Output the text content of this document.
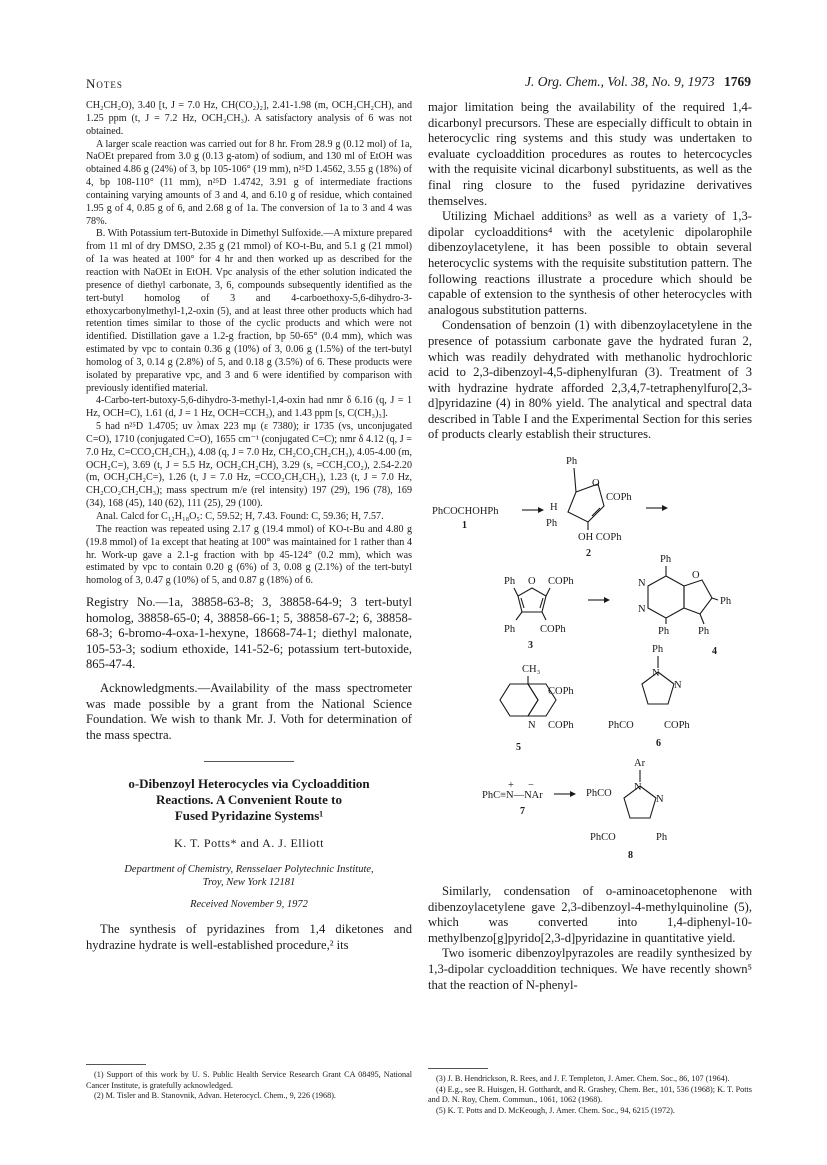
Notes	J. Org. Chem., Vol. 38, No. 9, 1973 1769

CH₂CH₂O), 3.40 [t, J = 7.0 Hz, CH(CO₂)₂], 2.41-1.98 (m, OCH₂CH₂CH), and 1.25 ppm (t, J = 7.2 Hz, OCH₂CH₃). A satisfactory analysis of 6 was not obtained.

A larger scale reaction was carried out for 8 hr. From 28.9 g (0.12 mol) of 1a, NaOEt prepared from 3.0 g (0.13 g-atom) of sodium, and 130 ml of EtOH was obtained 4.86 g (24%) of 3, bp 105-106° (19 mm), n²⁵D 1.4562, 3.55 g (18%) of 4, bp 108-110° (11 mm), n²⁵D 1.4742, 3.91 g of intermediate fractions containing varying amounts of 3 and 4, and 6.10 g of residue, which contained 1.95 g of 4, 0.85 g of 6, and 2.68 g of 1a. The conversion of 1a to 3 and 4 was 78%.

B. With Potassium tert-Butoxide in Dimethyl Sulfoxide.—A mixture prepared from 11 ml of dry DMSO, 2.35 g (21 mmol) of KO-t-Bu, and 5.1 g (21 mmol) of 1a was heated at 100° for 4 hr and then worked up as described for the reaction with NaOEt in EtOH. Vpc analysis of the ether solution indicated the presence of diethyl carbonate, 3, 6, compounds subsequently identified as the tert-butyl homolog of 3 and 4-carboethoxy-5,6-dihydro-3-ethoxycarbonylmethyl-1,2-oxin (5), and at least three other products which had retention times similar to those of the cyclic products and which were not identified. Distillation gave a 1.2-g fraction, bp 50-65° (0.4 mm), which was estimated by vpc to contain 0.36 g (10%) of 3, 0.06 g (1.5%) of the tert-butyl homolog of 3, 0.14 g (2.8%) of 5, and 0.18 g (3.5%) of 6. These products were isolated by preparative vpc, and 3 and 6 were identified by comparison with previously identified material.

4-Carbo-tert-butoxy-5,6-dihydro-3-methyl-1,4-oxin had nmr δ 6.16 (q, J = 1 Hz, OCH=C), 1.61 (d, J = 1 Hz, OCH=CCH₃), and 1.43 ppm [s, C(CH₃)₃].

5 had n²⁵D 1.4705; uv λmax 223 mμ (ε 7380); ir 1735 (vs, unconjugated C=O), 1710 (conjugated C=O), 1655 cm⁻¹ (conjugated C=C); nmr δ 4.12 (q, J = 7.0 Hz, C=CCO₂CH₂CH₃), 4.08 (q, J = 7.0 Hz, CH₂CO₂CH₂CH₃), 4.05-4.00 (m, OCH₂C=), 3.69 (t, J = 5.5 Hz, OCH₂CH₂CH), 3.29 (s, =CCH₂CO₂), 2.54-2.20 (m, OCH₂CH₂C=), 1.26 (t, J = 7.0 Hz, =CCO₂CH₂CH₃), 1.23 (t, J = 7.0 Hz, CH₂CO₂CH₂CH₃); mass spectrum m/e (rel intensity) 197 (29), 196 (78), 169 (34), 168 (45), 140 (62), 111 (25), 29 (100).

Anal. Calcd for C₁₂H₁₈O₅: C, 59.52; H, 7.43. Found: C, 59.36; H, 7.57.

The reaction was repeated using 2.17 g (19.4 mmol) of KO-t-Bu and 4.80 g (19.8 mmol) of 1a except that heating at 100° was maintained for 1 rather than 4 hr. Work-up gave a 2.1-g fraction with bp 45-124° (0.2 mm), which was estimated by vpc to contain 0.20 g (6%) of 3, 0.08 g (2.1%) of the tert-butyl homolog of 3, 0.47 g (10%) of 5, and 0.87 g (18%) of 6.

Registry No.—1a, 38858-63-8; 3, 38858-64-9; 3 tert-butyl homolog, 38858-65-0; 4, 38858-66-1; 5, 38858-67-2; 6, 38858-68-3; 6-bromo-4-oxa-1-hexyne, 18668-74-1; diethyl malonate, 105-53-3; sodium ethoxide, 141-52-6; potassium tert-butoxide, 865-47-4.

Acknowledgments.—Availability of the mass spectrometer was made possible by a grant from the National Science Foundation. We wish to thank Mr. J. Voth for determination of the mass spectra.

o-Dibenzoyl Heterocycles via Cycloaddition
Reactions. A Convenient Route to
Fused Pyridazine Systems¹

K. T. Potts* and A. J. Elliott

Department of Chemistry, Rensselaer Polytechnic Institute,
Troy, New York 12181

Received November 9, 1972

The synthesis of pyridazines from 1,4 diketones and hydrazine hydrate is well-established procedure,² its

(1) Support of this work by U. S. Public Health Service Research Grant CA 08495, National Cancer Institute, is gratefully acknowledged.

(2) M. Tisler and B. Stanovnik, Advan. Heterocycl. Chem., 9, 226 (1968).

major limitation being the availability of the required 1,4-dicarbonyl precursors. These are especially difficult to obtain in heterocyclic ring systems and this study was undertaken to evaluate cycloaddition procedures as routes to hetercocycles with the requisite vicinal dicarbonyl substituents, as well as the final ring closure to the fused pyridazine derivatives themselves.

Utilizing Michael additions³ as well as a variety of 1,3-dipolar cycloadditions⁴ with the acetylenic dipolarophile dibenzoylacetylene, it has been possible to obtain several heterocyclic systems with the requisite substitution pattern. The following reactions illustrate a procedure which should be capable of extension to the synthesis of other heterocycles with analogous substitution patterns.

Condensation of benzoin (1) with dibenzoylacetylene in the presence of potassium carbonate gave the hydrated furan 2, which was readily dehydrated with methanolic hydrochloric acid to 2,3-dibenzoyl-4,5-diphenylfuran (3). Treatment of 3 with hydrazine hydrate afforded 2,3,4,7-tetraphenylfuro[2,3-d]pyridazine (4) in 80% yield. The analytical and spectral data described in Table I and the Experimental Section for this series of products clearly establish their structures.

PhCOCHOHPh
1
Ph
O
COPh
H
Ph
OH COPh
2
Ph O COPh
Ph COPh
3
Ph
N
N
O
Ph
Ph	Ph
4
CH₃
N
COPh
COPh
5
Ph
N
N
PhCO	COPh
6
PhC≡N—NAr
+ −
7
Ar
N
N
PhCO
PhCO	Ph
8

Similarly, condensation of o-aminoacetophenone with dibenzoylacetylene gave 2,3-dibenzoyl-4-methylquinoline (5), which was converted into 1,4-diphenyl-10-methylbenzo[g]pyrido[2,3-d]pyridazine in quantitative yield.

Two isomeric dibenzoylpyrazoles are readily synthesized by 1,3-dipolar cycloaddition techniques. We have recently shown⁵ that the reaction of N-phenyl-

(3) J. B. Hendrickson, R. Rees, and J. F. Templeton, J. Amer. Chem. Soc., 86, 107 (1964).

(4) E.g., see R. Huisgen, H. Gotthardt, and R. Grashey, Chem. Ber., 101, 536 (1968); K. T. Potts and D. N. Roy, Chem. Commun., 1061, 1062 (1968).

(5) K. T. Potts and D. McKeough, J. Amer. Chem. Soc., 94, 6215 (1972).
